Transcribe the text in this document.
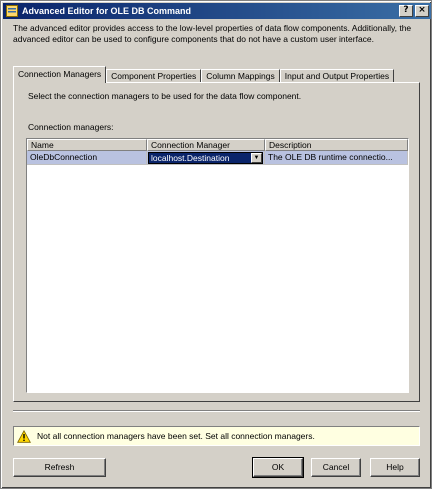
Advanced Editor for OLE DB Command	?	×
The advanced editor provides access to the low-level properties of data flow components. Additionally, the advanced editor can be used to configure components that do not have a custom user interface.
Connection Managers	Component Properties	Column Mappings	Input and Output Properties
Select the connection managers to be used for the data flow component.
Connection managers:
Name	Connection Manager	Description
OleDbConnection	localhost.Destination	▼	The OLE DB runtime connectio...
Not all connection managers have been set. Set all connection managers.
Refresh	OK	Cancel	Help
